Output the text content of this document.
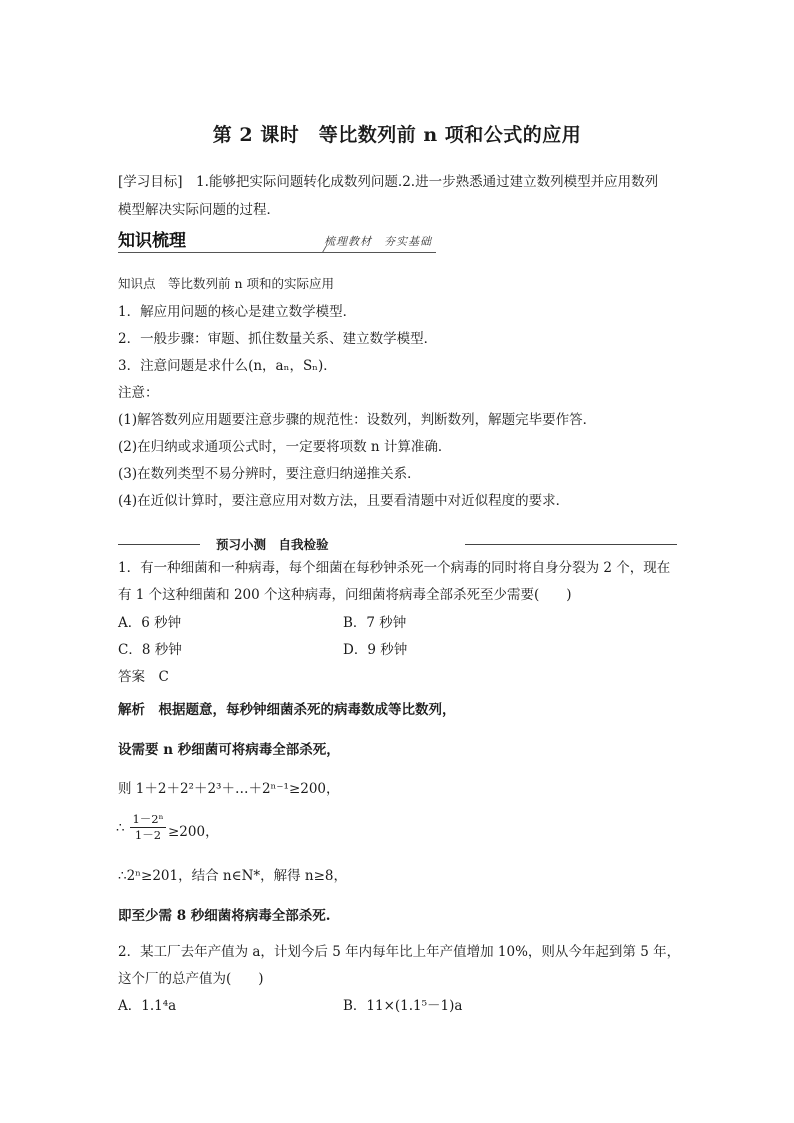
第 2 课时　等比数列前 n 项和公式的应用
[学习目标]　1.能够把实际问题转化成数列问题.2.进一步熟悉通过建立数列模型并应用数列
模型解决实际问题的过程．
知识梳理	梳理教材　夯实基础
知识点　等比数列前 n 项和的实际应用
1．解应用问题的核心是建立数学模型．
2．一般步骤：审题、抓住数量关系、建立数学模型．
3．注意问题是求什么(n，aₙ，Sₙ)．
注意：
(1)解答数列应用题要注意步骤的规范性：设数列，判断数列，解题完毕要作答．
(2)在归纳或求通项公式时，一定要将项数 n 计算准确．
(3)在数列类型不易分辨时，要注意归纳递推关系．
(4)在近似计算时，要注意应用对数方法，且要看清题中对近似程度的要求．
预习小测　自我检验
1．有一种细菌和一种病毒，每个细菌在每秒钟杀死一个病毒的同时将自身分裂为 2 个，现在
有 1 个这种细菌和 200 个这种病毒，问细菌将病毒全部杀死至少需要(　　)
A．6 秒钟	B．7 秒钟
C．8 秒钟	D．9 秒钟
答案　C
解析　根据题意，每秒钟细菌杀死的病毒数成等比数列，
设需要 n 秒细菌可将病毒全部杀死，
则 1＋2＋2²＋2³＋…＋2ⁿ⁻¹≥200，
∴ $\frac{\text{1－2ⁿ}}{1-2} \ge 200$，
∴2ⁿ≥201，结合 n∈N*，解得 n≥8，
即至少需 8 秒细菌将病毒全部杀死.
2．某工厂去年产值为 a，计划今后 5 年内每年比上年产值增加 10%，则从今年起到第 5 年，
这个厂的总产值为(　　)
A．1.1⁴a	B．11×(1.1⁵－1)a
